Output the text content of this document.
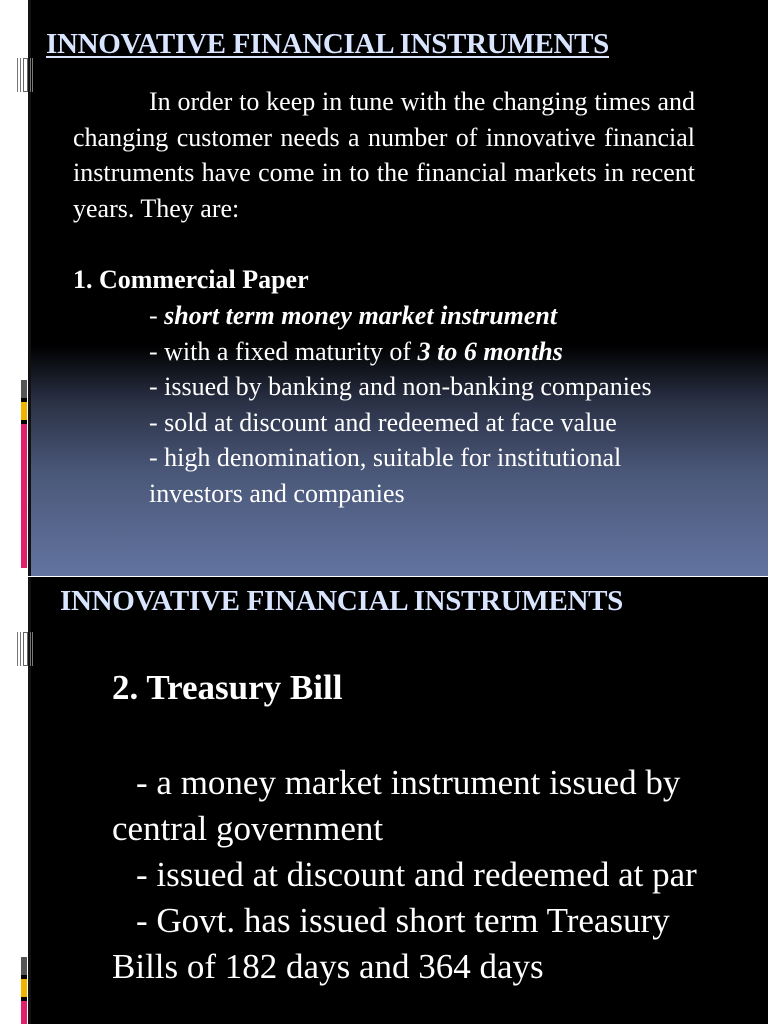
INNOVATIVE FINANCIAL INSTRUMENTS

In order to keep in tune with the changing times and changing customer needs a number of innovative financial instruments have come in to the financial markets in recent years. They are:

1. Commercial Paper

- short term money market instrument
- with a fixed maturity of 3 to 6 months
- issued by banking and non-banking companies
- sold at discount and redeemed at face value
- high denomination, suitable for institutional investors and companies
INNOVATIVE FINANCIAL INSTRUMENTS

2. Treasury Bill

- a money market instrument issued by central government
- issued at discount and redeemed at par
- Govt. has issued short term Treasury Bills of 182 days and 364 days
